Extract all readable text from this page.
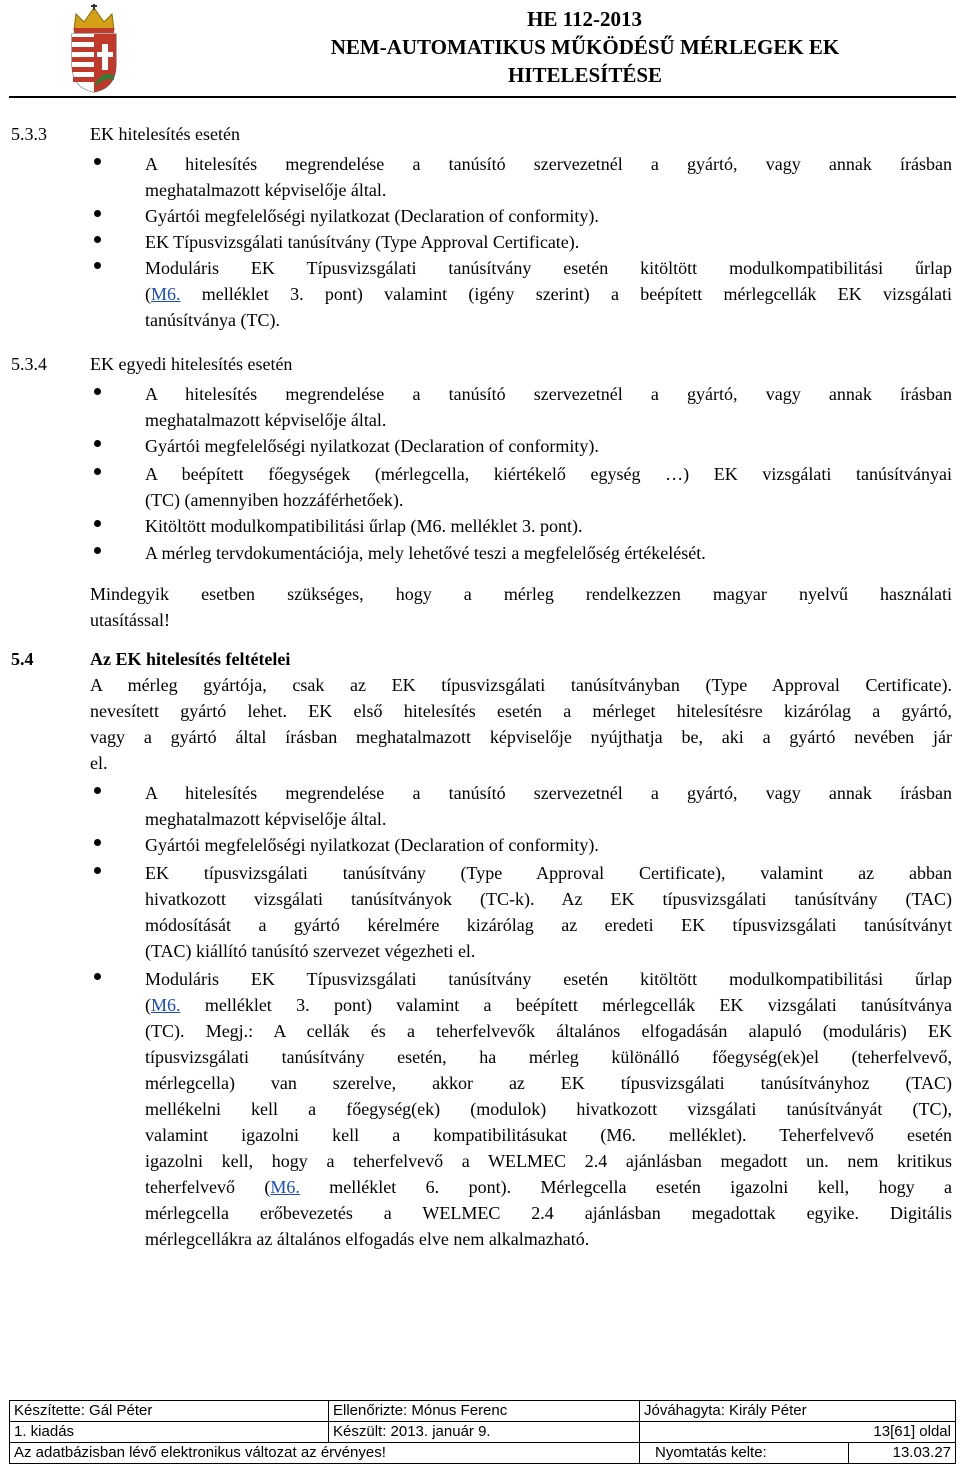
HE 112-2013
NEM-AUTOMATIKUS MŰKÖDÉSŰ MÉRLEGEK EK
HITELESÍTÉSE
5.3.3 EK hitelesítés esetén
A hitelesítés megrendelése a tanúsító szervezetnél a gyártó, vagy annak írásban
meghatalmazott képviselője által.
Gyártói megfelelőségi nyilatkozat (Declaration of conformity).
EK Típusvizsgálati tanúsítvány (Type Approval Certificate).
Moduláris EK Típusvizsgálati tanúsítvány esetén kitöltött modulkompatibilitási űrlap
(M6. melléklet 3. pont) valamint (igény szerint) a beépített mérlegcellák EK vizsgálati
tanúsítványa (TC).
5.3.4 EK egyedi hitelesítés esetén
A hitelesítés megrendelése a tanúsító szervezetnél a gyártó, vagy annak írásban
meghatalmazott képviselője által.
Gyártói megfelelőségi nyilatkozat (Declaration of conformity).
A beépített főegységek (mérlegcella, kiértékelő egység …) EK vizsgálati tanúsítványai
(TC) (amennyiben hozzáférhetőek).
Kitöltött modulkompatibilitási űrlap (M6. melléklet 3. pont).
A mérleg tervdokumentációja, mely lehetővé teszi a megfelelőség értékelését.
Mindegyik esetben szükséges, hogy a mérleg rendelkezzen magyar nyelvű használati
utasítással!
5.4	Az EK hitelesítés feltételei
A mérleg gyártója, csak az EK típusvizsgálati tanúsítványban (Type Approval Certificate).
nevesített gyártó lehet. EK első hitelesítés esetén a mérleget hitelesítésre kizárólag a gyártó,
vagy a gyártó által írásban meghatalmazott képviselője nyújthatja be, aki a gyártó nevében jár
el.
A hitelesítés megrendelése a tanúsító szervezetnél a gyártó, vagy annak írásban
meghatalmazott képviselője által.
Gyártói megfelelőségi nyilatkozat (Declaration of conformity).
EK típusvizsgálati tanúsítvány (Type Approval Certificate), valamint az abban
hivatkozott vizsgálati tanúsítványok (TC-k). Az EK típusvizsgálati tanúsítvány (TAC)
módosítását a gyártó kérelmére kizárólag az eredeti EK típusvizsgálati tanúsítványt
(TAC) kiállító tanúsító szervezet végezheti el.
Moduláris EK Típusvizsgálati tanúsítvány esetén kitöltött modulkompatibilitási űrlap
(M6. melléklet 3. pont) valamint a beépített mérlegcellák EK vizsgálati tanúsítványa
(TC). Megj.: A cellák és a teherfelvevők általános elfogadásán alapuló (moduláris) EK
típusvizsgálati tanúsítvány esetén, ha mérleg különálló főegység(ek)el (teherfelvevő,
mérlegcella) van szerelve, akkor az EK típusvizsgálati tanúsítványhoz (TAC)
mellékelni kell a főegység(ek) (modulok) hivatkozott vizsgálati tanúsítványát (TC),
valamint igazolni kell a kompatibilitásukat (M6. melléklet). Teherfelvevő esetén
igazolni kell, hogy a teherfelvevő a WELMEC 2.4 ajánlásban megadott un. nem kritikus
teherfelvevő (M6. melléklet 6. pont). Mérlegcella esetén igazolni kell, hogy a
mérlegcella erőbevezetés a WELMEC 2.4 ajánlásban megadottak egyike. Digitális
mérlegcellákra az általános elfogadás elve nem alkalmazható.
Készítette: Gál Péter	Ellenőrizte: Mónus Ferenc	Jóváhagyta: Király Péter	
1. kiadás	Készült: 2013. január 9.	13[61] oldal	
Az adatbázisban lévő elektronikus változat az érvényes!		Nyomtatás kelte:	13.03.27
